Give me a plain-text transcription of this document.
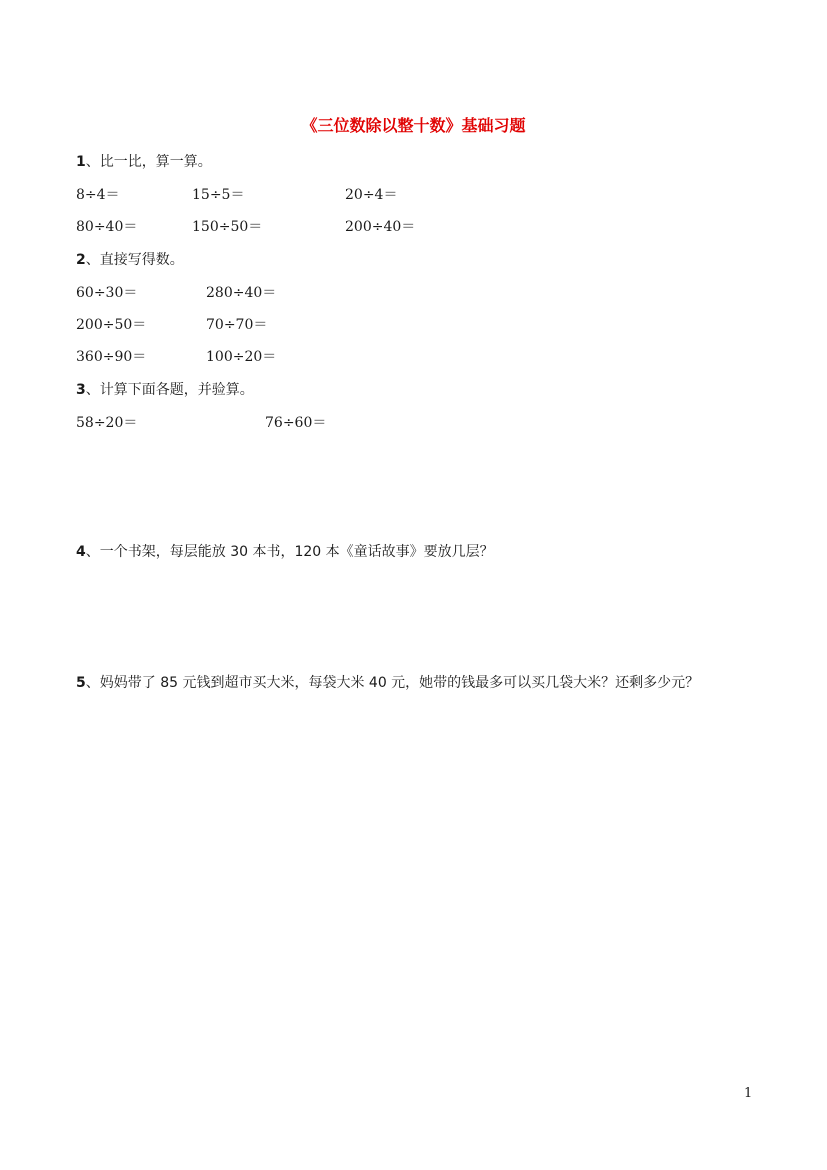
《三位数除以整十数》基础习题
1、比一比，算一算。
8÷4＝	15÷5＝	20÷4＝
80÷40＝	150÷50＝	200÷40＝
2、直接写得数。
60÷30＝	280÷40＝
200÷50＝	70÷70＝
360÷90＝	100÷20＝
3、计算下面各题，并验算。
58÷20＝	76÷60＝
4、一个书架，每层能放 30 本书，120 本《童话故事》要放几层？
5、妈妈带了 85 元钱到超市买大米，每袋大米 40 元，她带的钱最多可以买几袋大米？还剩多少元？
1
